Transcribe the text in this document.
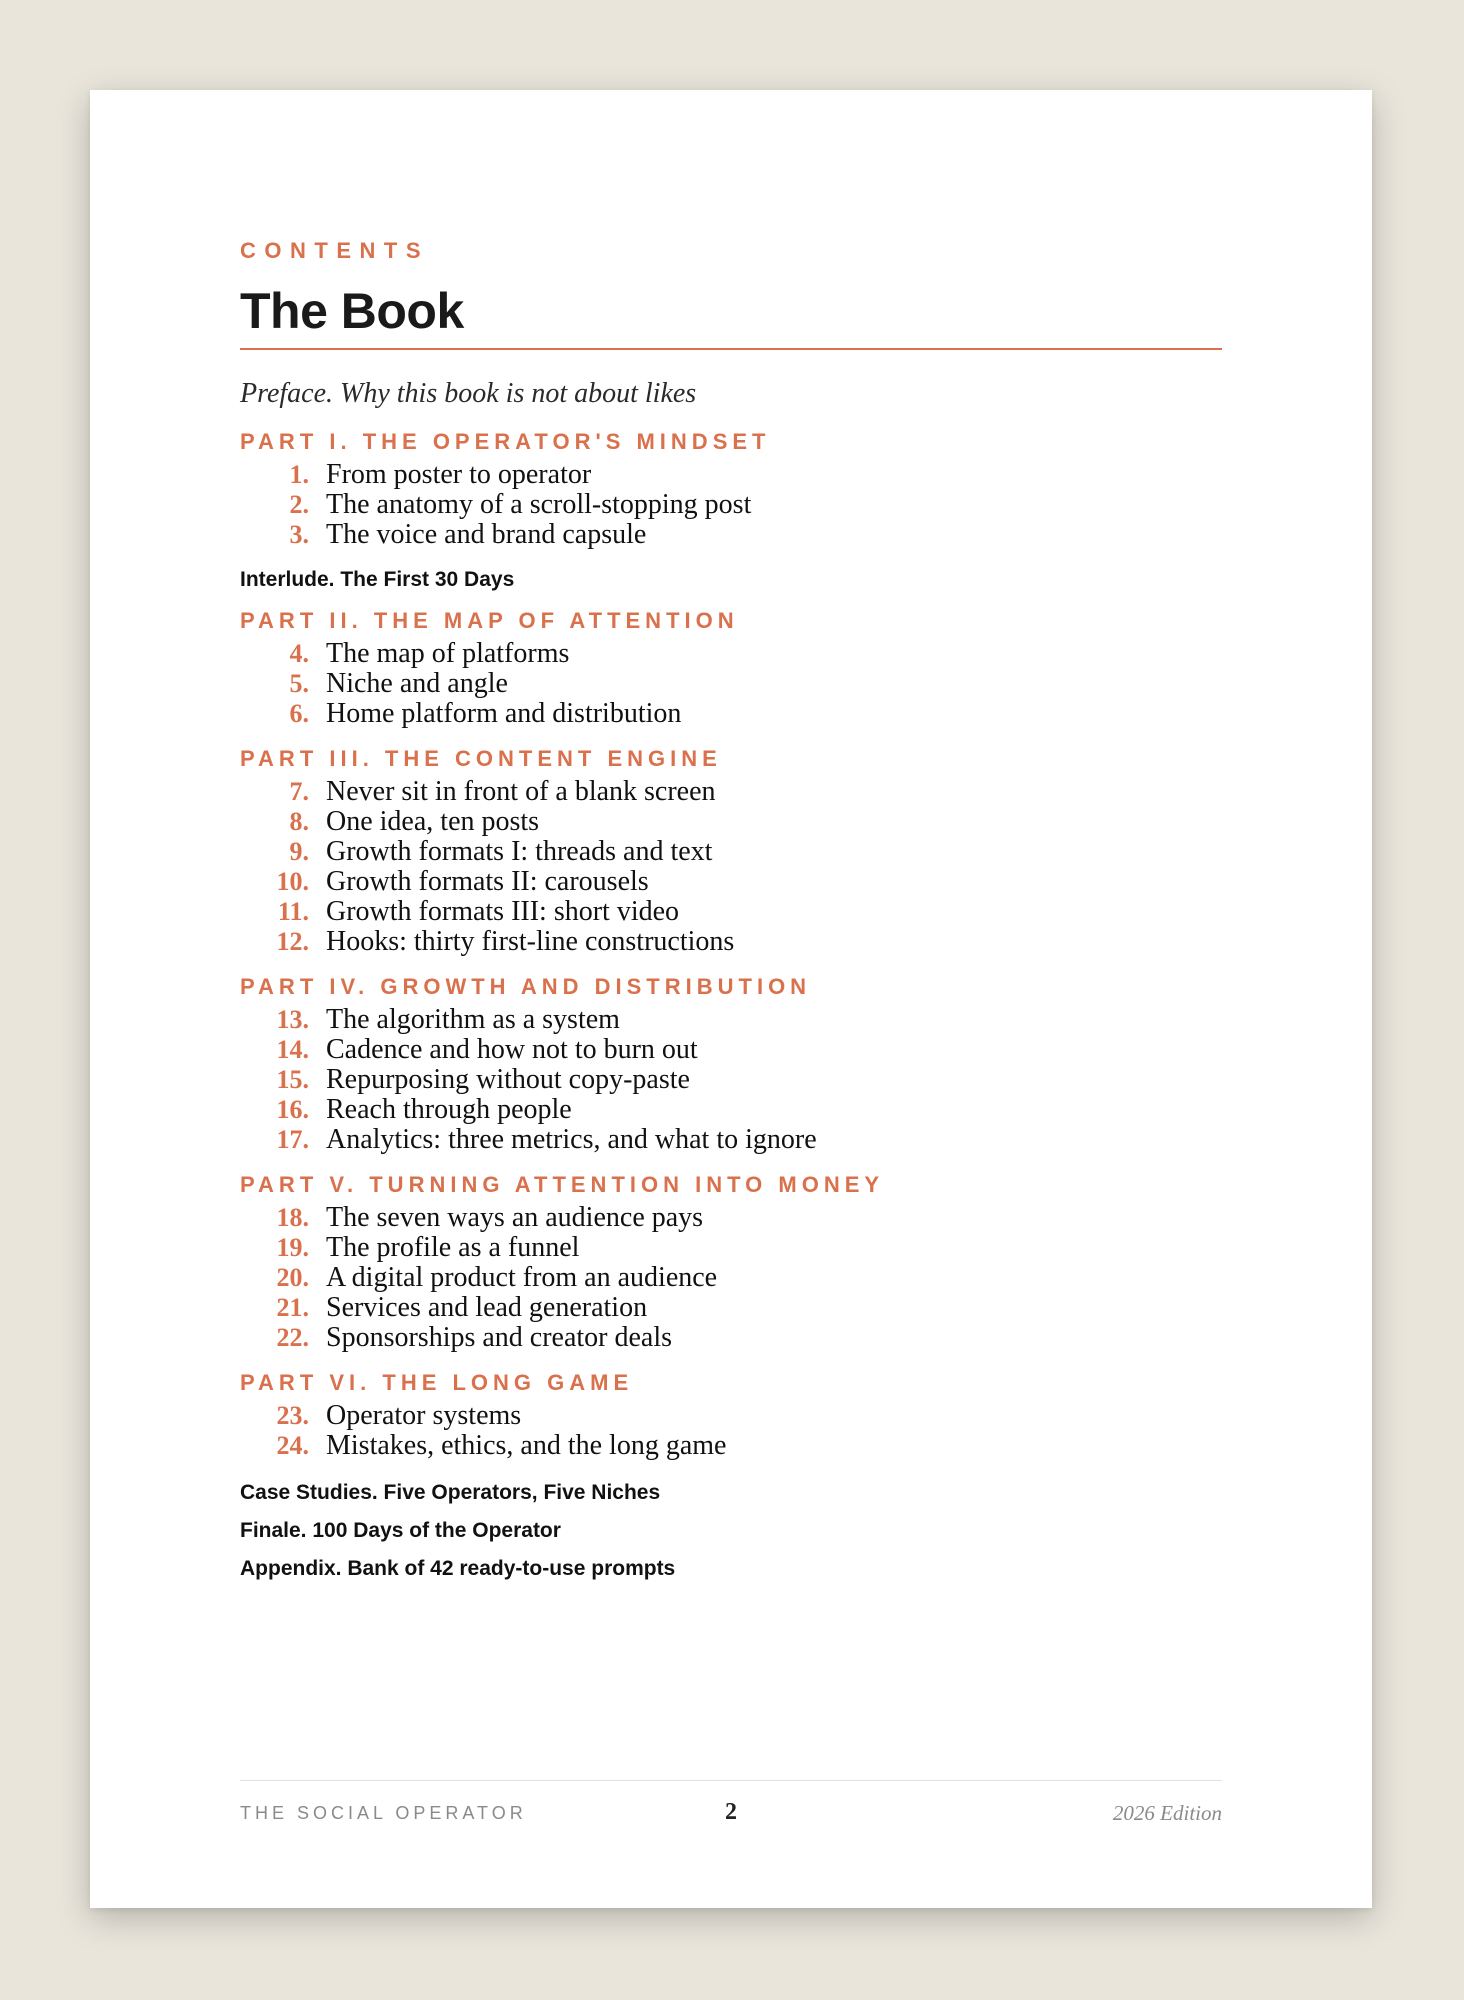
CONTENTS

The Book
Preface. Why this book is not about likes

PART I. THE OPERATOR'S MINDSET

1. From poster to operator
2. The anatomy of a scroll-stopping post
3. The voice and brand capsule
Interlude. The First 30 Days

PART II. THE MAP OF ATTENTION

4. The map of platforms
5. Niche and angle
6. Home platform and distribution

PART III. THE CONTENT ENGINE

7. Never sit in front of a blank screen
8. One idea, ten posts
9. Growth formats I: threads and text
10. Growth formats II: carousels
11. Growth formats III: short video
12. Hooks: thirty first-line constructions

PART IV. GROWTH AND DISTRIBUTION

13. The algorithm as a system
14. Cadence and how not to burn out
15. Repurposing without copy-paste
16. Reach through people
17. Analytics: three metrics, and what to ignore

PART V. TURNING ATTENTION INTO MONEY

18. The seven ways an audience pays
19. The profile as a funnel
20. A digital product from an audience
21. Services and lead generation
22. Sponsorships and creator deals

PART VI. THE LONG GAME

23. Operator systems
24. Mistakes, ethics, and the long game
Case Studies. Five Operators, Five Niches
Finale. 100 Days of the Operator
Appendix. Bank of 42 ready-to-use prompts
THE SOCIAL OPERATOR	2	2026 Edition
